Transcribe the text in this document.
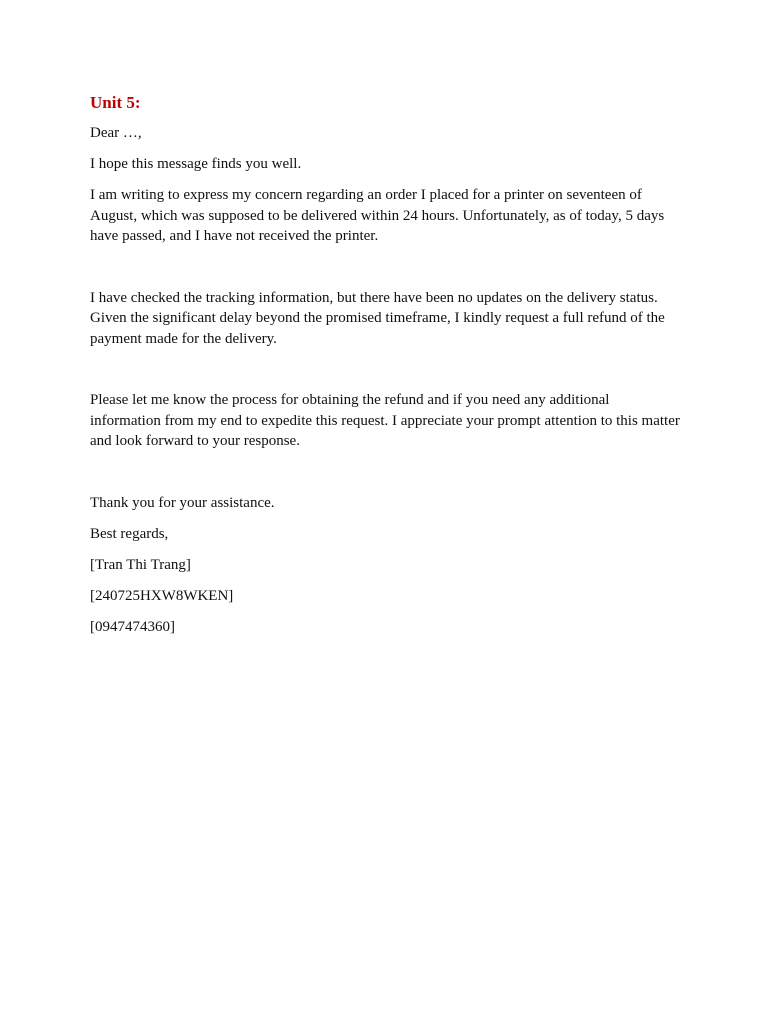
Unit 5:

Dear …,

I hope this message finds you well.

I am writing to express my concern regarding an order I placed for a printer on seventeen of August, which was supposed to be delivered within 24 hours. Unfortunately, as of today, 5 days have passed, and I have not received the printer.

I have checked the tracking information, but there have been no updates on the delivery status. Given the significant delay beyond the promised timeframe, I kindly request a full refund of the payment made for the delivery.

Please let me know the process for obtaining the refund and if you need any additional information from my end to expedite this request. I appreciate your prompt attention to this matter and look forward to your response.

Thank you for your assistance.

Best regards,

[Tran Thi Trang]

[240725HXW8WKEN]

[0947474360]
